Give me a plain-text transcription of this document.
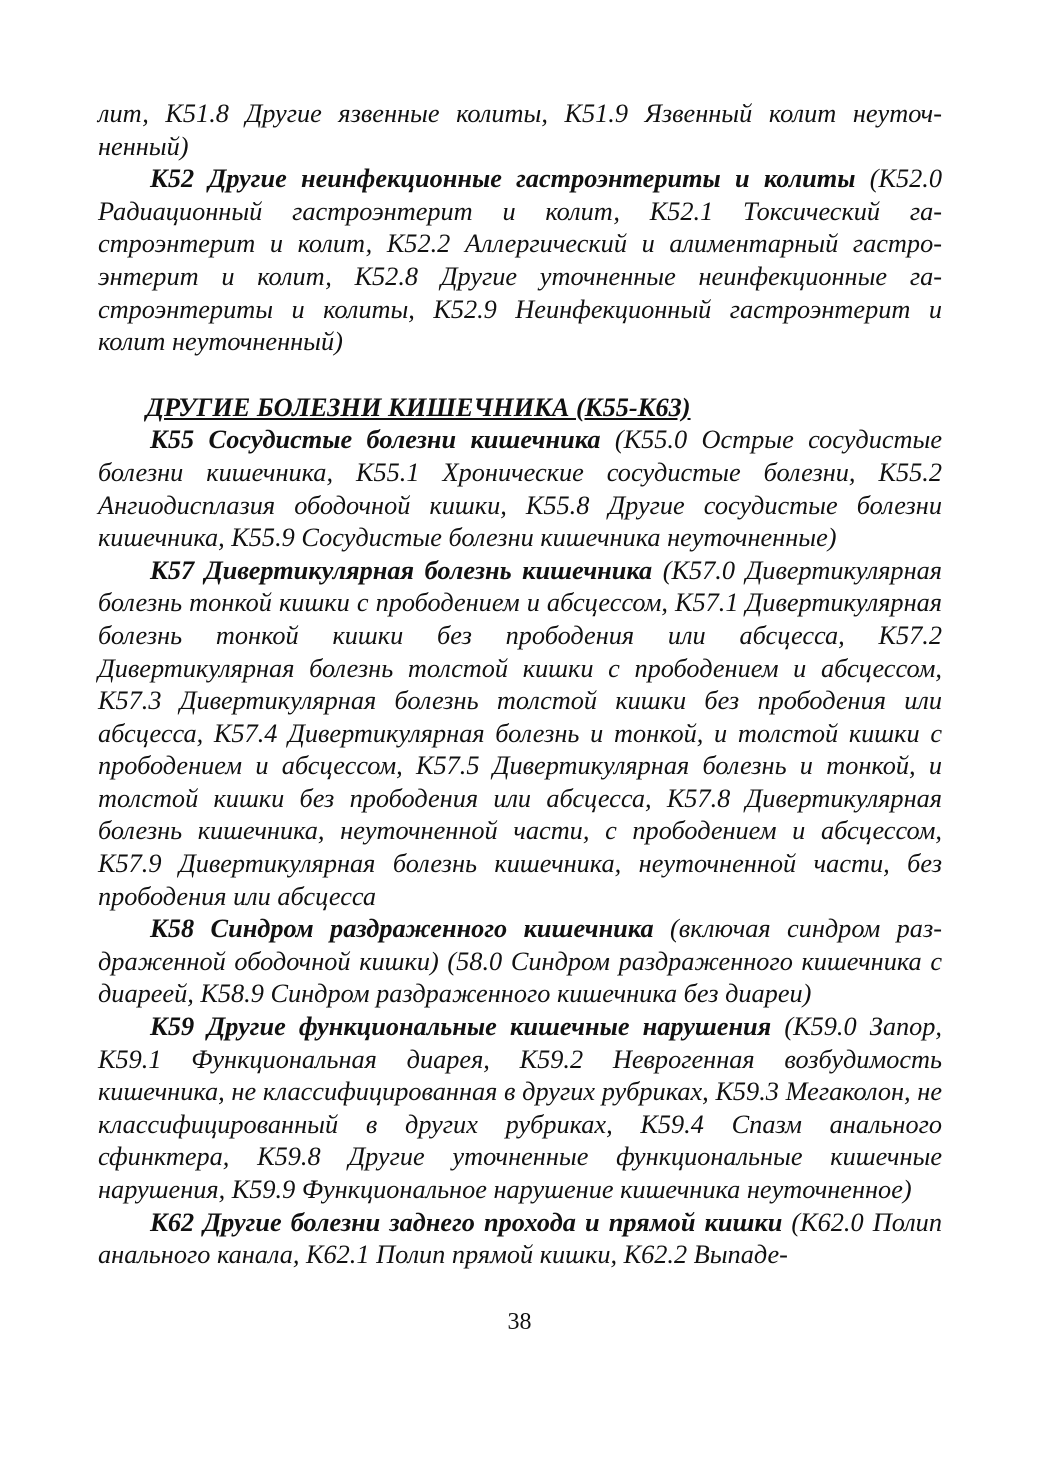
лит, К51.8 Другие язвенные колиты, К51.9 Язвенный колит неуточненный)

К52 Другие неинфекционные гастроэнтериты и колиты (К52.0 Радиационный гастроэнтерит и колит, К52.1 Токсический гастроэнтерит и колит, К52.2 Аллергический и алиментарный гастроэнтерит и колит, К52.8 Другие уточненные неинфекционные гастроэнтериты и колиты, К52.9 Неинфекционный гастроэнтерит и колит неуточненный)

ДРУГИЕ БОЛЕЗНИ КИШЕЧНИКА (К55-К63)

К55 Сосудистые болезни кишечника (К55.0 Острые сосудистые болезни кишечника, К55.1 Хронические сосудистые болезни, К55.2 Ангиодисплазия ободочной кишки, К55.8 Другие сосудистые болезни кишечника, К55.9 Сосудистые болезни кишечника неуточненные)

К57 Дивертикулярная болезнь кишечника (К57.0 Дивертикулярная болезнь тонкой кишки с прободением и абсцессом, К57.1 Дивертикулярная болезнь тонкой кишки без прободения или абсцесса, К57.2 Дивертикулярная болезнь толстой кишки с прободением и абсцессом, К57.3 Дивертикулярная болезнь толстой кишки без прободения или абсцесса, К57.4 Дивертикулярная болезнь и тонкой, и толстой кишки с прободением и абсцессом, К57.5 Дивертикулярная болезнь и тонкой, и толстой кишки без прободения или абсцесса, К57.8 Дивертикулярная болезнь кишечника, неуточненной части, с прободением и абсцессом, К57.9 Дивертикулярная болезнь кишечника, неуточненной части, без прободения или абсцесса

К58 Синдром раздраженного кишечника (включая синдром раздраженной ободочной кишки) (58.0 Синдром раздраженного кишечника с диареей, К58.9 Синдром раздраженного кишечника без диареи)

К59 Другие функциональные кишечные нарушения (К59.0 Запор, К59.1 Функциональная диарея, К59.2 Неврогенная возбудимость кишечника, не классифицированная в других рубриках, К59.3 Мегаколон, не классифицированный в других рубриках, К59.4 Спазм анального сфинктера, К59.8 Другие уточненные функциональные кишечные нарушения, К59.9 Функциональное нарушение кишечника неуточненное)

К62 Другие болезни заднего прохода и прямой кишки (К62.0 Полип анального канала, К62.1 Полип прямой кишки, К62.2 Выпаде-

38
